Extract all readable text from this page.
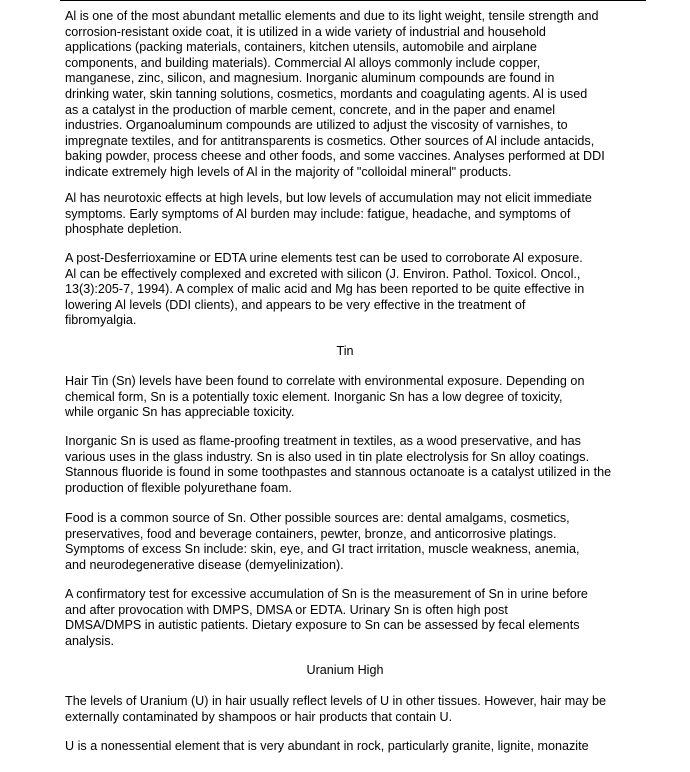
Al is one of the most abundant metallic elements and due to its light weight, tensile strength and
corrosion-resistant oxide coat, it is utilized in a wide variety of industrial and household
applications (packing materials, containers, kitchen utensils, automobile and airplane
components, and building materials). Commercial Al alloys commonly include copper,
manganese, zinc, silicon, and magnesium. Inorganic aluminum compounds are found in
drinking water, skin tanning solutions, cosmetics, mordants and coagulating agents. Al is used
as a catalyst in the production of marble cement, concrete, and in the paper and enamel
industries. Organoaluminum compounds are utilized to adjust the viscosity of varnishes, to
impregnate textiles, and for antitransparents is cosmetics. Other sources of Al include antacids,
baking powder, process cheese and other foods, and some vaccines. Analyses performed at DDI
indicate extremely high levels of Al in the majority of "colloidal mineral" products.
Al has neurotoxic effects at high levels, but low levels of accumulation may not elicit immediate
symptoms. Early symptoms of Al burden may include: fatigue, headache, and symptoms of
phosphate depletion.
A post-Desferrioxamine or EDTA urine elements test can be used to corroborate Al exposure.
Al can be effectively complexed and excreted with silicon (J. Environ. Pathol. Toxicol. Oncol.,
13(3):205-7, 1994). A complex of malic acid and Mg has been reported to be quite effective in
lowering Al levels (DDI clients), and appears to be very effective in the treatment of
fibromyalgia.
Tin
Hair Tin (Sn) levels have been found to correlate with environmental exposure. Depending on
chemical form, Sn is a potentially toxic element. Inorganic Sn has a low degree of toxicity,
while organic Sn has appreciable toxicity.
Inorganic Sn is used as flame-proofing treatment in textiles, as a wood preservative, and has
various uses in the glass industry. Sn is also used in tin plate electrolysis for Sn alloy coatings.
Stannous fluoride is found in some toothpastes and stannous octanoate is a catalyst utilized in the
production of flexible polyurethane foam.
Food is a common source of Sn. Other possible sources are: dental amalgams, cosmetics,
preservatives, food and beverage containers, pewter, bronze, and anticorrosive platings.
Symptoms of excess Sn include: skin, eye, and GI tract irritation, muscle weakness, anemia,
and neurodegenerative disease (demyelinization).
A confirmatory test for excessive accumulation of Sn is the measurement of Sn in urine before
and after provocation with DMPS, DMSA or EDTA. Urinary Sn is often high post
DMSA/DMPS in autistic patients. Dietary exposure to Sn can be assessed by fecal elements
analysis.
Uranium High
The levels of Uranium (U) in hair usually reflect levels of U in other tissues. However, hair may be
externally contaminated by shampoos or hair products that contain U.
U is a nonessential element that is very abundant in rock, particularly granite, lignite, monazite
